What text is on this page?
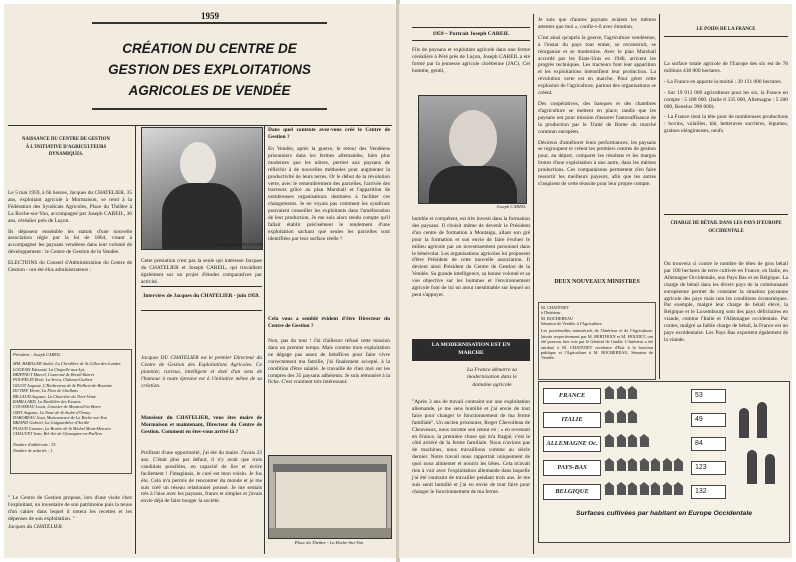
1959
CRÉATION DU CENTRE DE
GESTION DES EXPLOITATIONS
AGRICOLES DE VENDÉE
NAISSANCE DU CENTRE DE GESTION À L'INITIATIVE D'AGRICULTEURS DYNAMIQUES.

Le 5 mai 1959, à 6h heures, Jacques du CHATELIER, 35 ans, exploitant agricole à Mormaison, se rend à la Fédération des Syndicats Agricoles, Place du Théâtre à La Roche-sur-Yon, accompagné par Joseph CAREIL, 36 ans, céréalier près de Luçon.

Ils déposent ensemble les statuts d'une nouvelle association régie par la loi de 1864, visant à accompagner les paysans vendéens dans leur volonté de développement : le Centre de Gestion de la Vendée.

ELECTIONS du Conseil d'Administration du Centre de Gestion - ont été élus administrateurs :

Président : Joseph CAREIL
MM. BABILLER André, La Chevillère de St Gilles-des-Landes
LOGEAIS Edouard, La Chapelle-aux-Lys
BRIFFAUT Marcel, Courcoué de Breuil-Barret
POUPELIN René, La Sevra, Château-Guibert
GIGOT Auguste, L'Herbreteau de St Philbert-de-Bouaine
DUVIEF Henri, La Fleix de Challans
BILLAUD Auguste, La Charrière du Tiers-Vente
RABILLARD, La Ravillière des Essarts
COUSSEAU Louis, Grassier de Mouzeuil-la-Barre
GRIT Auguste, La Noue de St André d'Ornay
DABOREAU Jean, Maisonneuve de La Roche-sur-Yon
BRIAND Gabriel, La Guignardière d'Avrillé
PUAUD Gustave, La Bruère de St Michel Mont-Mercure
CHAUVET Jean, Bel-Air de Chavagnes-en-Paillers
Nombre d'adhérents : 35
Nombre de salariés : 1

" Le Centre de Gestion propose, lors d'une visite chez l'exploitant, un inventaire de son patrimoine puis la tenue d'un cahier dans lequel il notera les recettes et les dépenses de son exploitation. "

Jacques du CHATELIER.

Jacques du CHATELIER
Cette prestation n'est pas la seule qui intéresse Jacques du CHATELIER et Joseph CAREIL, qui travaillent également sur un projet d'études comparatives par activité.
Interview de Jacques du CHATELIER - juin 1959.
Jacques DU CHATELIER est le premier Directeur du Centre de Gestion des Exploitations Agricoles. Ce pionnier, curieux, intelligent et doté d'un sens de l'humour à toute épreuve est à l'initiative même de sa création.
Monsieur du CHATELIER, vous êtes maire de Mormaison et maintenant, Directeur du Centre de Gestion. Comment en êtes-vous arrivé là ?
Profitant d'une opportunité, j'ai été du maire. J'avais 23 ans. C'était plus par défaut, il n'y avait que trois candidats possibles, en capacité de lire et écrire facilement ! J'imaginais, le curé est mon voisin. Je fus élu. Cela m'a permis de rencontrer du monde et je me suis créé un réseau relationnel poussé. Je me sentais très à l'aise avec les paysans, francs et simples et j'avais envie déjà de faire bouger la société.
Dans quel contexte avez-vous créé le Centre de Gestion ?
En Vendée, après la guerre, le retour des Vendéens prisonniers dans les fermes allemandes, bien plus modernes que les nôtres, permet aux paysans de réfléchir à de nouvelles méthodes pour augmenter la productivité de leurs terres. Or le début de la révolution verte, avec le remembrement des parcelles, l'arrivée des tracteurs grâce au plan Marshall et l'apparition de nombreuses organisations destinées à faciliter ces changements. Je ne voyais pas comment les syndicats pouvaient conseiller les exploitants dans l'amélioration de leur production. Je me suis alors rendu compte qu'il fallait établir précisément le rendement d'une exploitation sachant que seules les parcelles sont identifiées par leur surface réelle ?
Cela vous a semblé évident d'être Directeur du Centre de Gestion ?
Non, pas du tout ! J'ai d'ailleurs refusé cette mission dans un premier temps. Mais comme mon exploitation ne dégage pas assez de bénéfices pour faire vivre correctement ma famille, j'ai finalement accepté, à la condition d'être salarié. Je travaille de chez moi sur les comptes des 35 paysans adhérents. Je suis rémunéré à la fiche. C'est vraiment très intéressant.
Place du Théâtre - La Roche-Sur-Yon
1959 – Portrait Joseph CAREIL
Fils de paysans et exploitant agricole dans une ferme céréalière à Péré près de Luçon, Joseph CAREIL a été formé par la jeunesse agricole chrétienne (JAC). Cet homme, gentil,
Joseph CAREIL
humble et compétent, est très investi dans la formation des paysans. Il choisit même de devenir le Président d'un centre de formation à Montaigu, allant son gré pour la formation et son envie de faire évoluer le milieu agricole par un investissement personnel dans le bénévolat. Les organisations agricoles lui proposent d'être Président de cette nouvelle association. Il devient ainsi Président du Centre de Gestion de la Vendée. Sa grande intelligence, sa bonne volonté et sa vue objective sur les hommes et l'environnement agricole font de lui un atout inestimable sur lequel on peut s'appuyer.
LA MODERNISATION EST EN MARCHE
La France démarre sa modernisation dans le domaine agricole
"Après 3 ans de travail contraint sur une exploitation allemande, je me sens humilié et j'ai envie de tout faire pour changer le fonctionnement de ma ferme familiale". Un ancien prisonnier, Roger Chevolleau de Cheaveaux, nous raconte son retour en : « en revenant en France, la première chose qui m'a frappé, c'est le côté arriéré de la ferme familiale. Nous n'avions pas de machines, nous travaillions comme au siècle dernier. Notre travail nous rapportait uniquement de quoi nous alimenter et nourrir les bêtes. Cela m'avait rien à voir avec l'exploitation allemande dans laquelle j'ai été contraint de travailler pendant trois ans. Je me suis senti humilié et j'ai eu envie de tout faire pour changer le fonctionnement de ma ferme.

Je suis que d'autres paysans avaient les mêmes attentes que moi », confie-t-il avec émotion.

C'est ainsi qu'après la guerre, l'agriculture vendéenne, à l'instar du pays tout entier, se reconstruit, se réorganise et se modernise. Avec le plan Marshall accordé par les Etats-Unis en 1948, arrivent les progrès techniques. Les tracteurs font leur apparition et les exploitations intensifient leur production. La révolution verte est en marche. Pour gérer cette explosion de l'agriculture, partout des organisations se créent.

Des coopératives, des banques et des chambres d'agriculture se mettent en place, tandis que les paysans ont pour mission d'assurer l'autosuffisance de la production par le Traité de Rome du marché commun européen.

Désireux d'améliorer leurs performances, les paysans se regroupent et créent les premiers centres de gestion pour, au départ, comparer les résultats et les marges brutes d'une exploitation à une autre, dans les mêmes productions. Ces comparaisons permettent d'en faire ressortir les meilleurs payeurs, afin que les autres s'inspirent de cette réussite pour leur propre compte.

DEUX NOUVEAUX MINISTRES
M. CHATENET
à l'Intérieur
M. ROCHEREAU
Sénateur de Vendée, à l'Agriculture
Les portefeuilles ministériels de l'Intérieur et de l'Agriculture, laissés respectivement par M. BERTHOIN et M. HOUDET, ont été pourvus hier soir par le Général de Gaulle. L'Intérieur a été attribué à M. CHATENET secrétaire d'Etat à la fonction publique et l'Agriculture à M. ROCHEREAU, Sénateur de Vendée.
LE POIDS DE LA FRANCE

La surface totale agricole de l'Europe des six est de 78 millions 418 000 hectares.

- La France en apporte la moitié : 39 131 000 hectares.

- Sur 19 913 000 agriculteurs pour les six, la France en compte : 5 188 000. (Italie 8 335 000, Allemagne : 5 200 000, Benelux 990 000).

- La France tient la tête pour de nombreuses productions : bovins, volailles, blé, betteraves sucrières, légumes, graines oléagineuses, oeufs.

CHARGE DE BÉTAIL DANS LES PAYS D'EUROPE OCCIDENTALE
On trouvera ci contre le nombre de têtes de gros bétail par 100 hectares de terre cultivée en France, en Italie, en Allemagne Occidentale, aux Pays Bas et en Belgique. La charge de bétail dans les divers pays de la communauté européenne permet de constater la situation paysanne agricole des pays mais non les conditions économiques. Par exemple, malgré leur charge de bétail élevé, la Belgique et le Luxembourg sont des pays déficitaires en viande, comme l'Italie et l'Allemagne occidentale. Par contre, malgré sa faible charge de bétail, la France est un pays excédentaire. Les Pays Bas exportent également de la viande.
FRANCE	53
ITALIE	49
ALLEMAGNE Oc.	84
PAYS-BAS	123
BELGIQUE	132
Surfaces cultivées par habitant en Europe Occidentale
